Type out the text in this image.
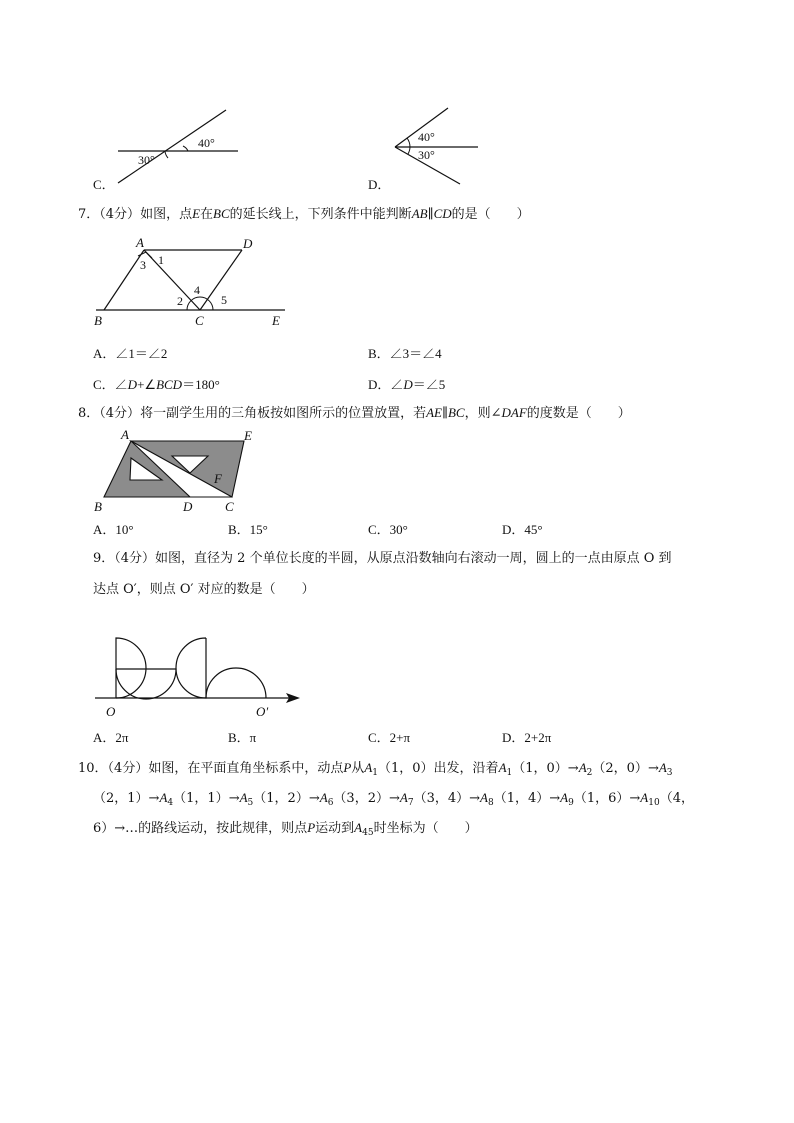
40°
30°
C．
40°
30°
D．
7．（4分）如图，点E在BC的延长线上，下列条件中能判断AB∥CD的是（　　）
A	D
B	C	E
1
3
2
4
5
A．∠1＝∠2	B．∠3＝∠4
C．∠D+∠BCD＝180°	D．∠D＝∠5
8．（4分）将一副学生用的三角板按如图所示的位置放置，若AE∥BC，则∠DAF的度数是（　　）
A	E
F
B	D	C
A．10°	B．15°	C．30°	D．45°
9．（4分）如图，直径为 2 个单位长度的半圆，从原点沿数轴向右滚动一周，圆上的一点由原点 O 到
达点 O′，则点 O′ 对应的数是（　　）
O	O′
A．2π	B．π	C．2+π	D．2+2π
10．（4分）如图，在平面直角坐标系中，动点P从$A_1(1$，0）出发，沿着$A_1(1$，$0)\to A_2(2$，$0)\to A_3$
（2，$1)\to A_4(1$，$1)\to A_5(1$，$2)\to A_6(3$，$2)\to A_7(3$，$4)\to A_8(1$，$4)\to A_9(1$，$6)\to A_{10}(4$，
6）→…的路线运动，按此规律，则点P运动到$A_{45}$时坐标为（　　）
